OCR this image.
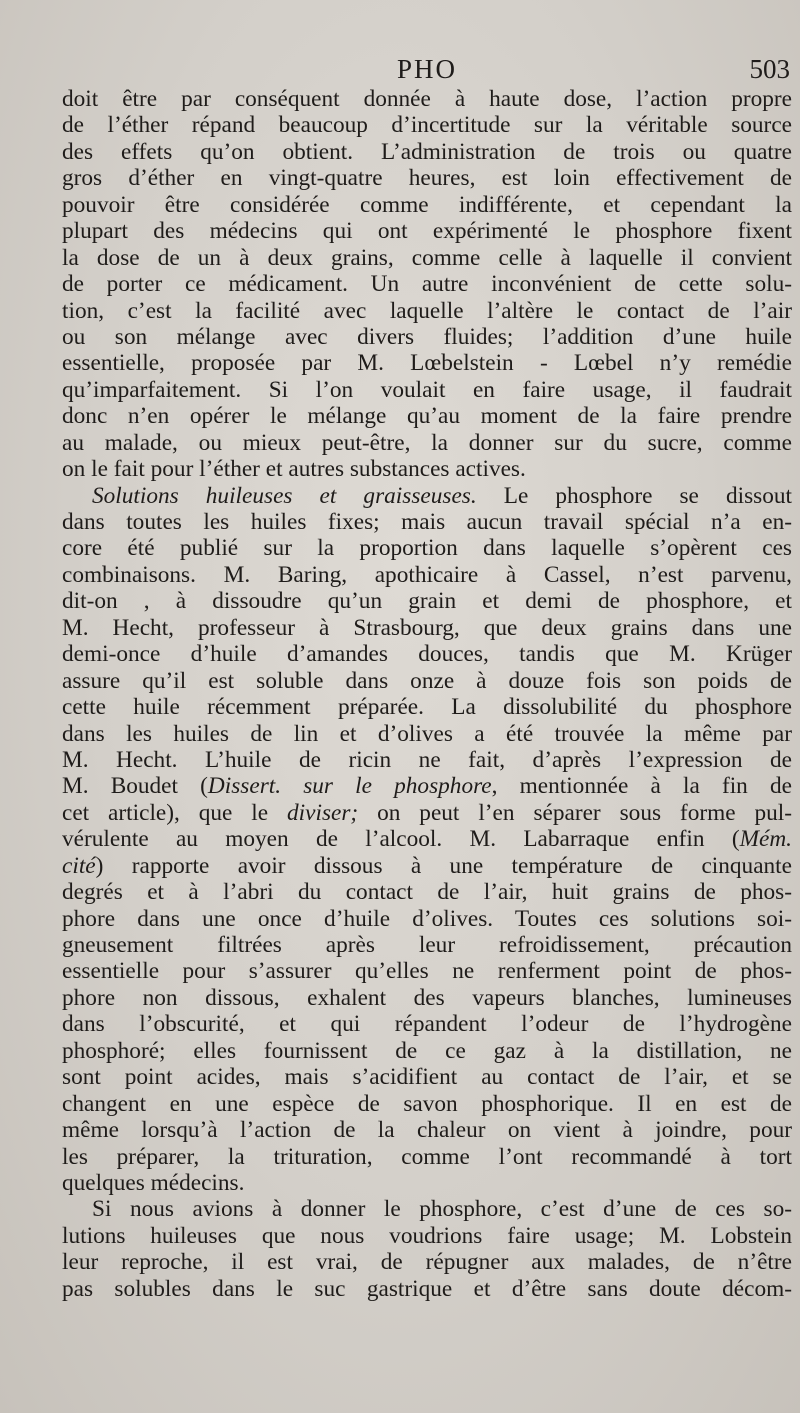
PHO	503
doit être par conséquent donnée à haute dose, l’action propre
de l’éther répand beaucoup d’incertitude sur la véritable source
des effets qu’on obtient. L’administration de trois ou quatre
gros d’éther en vingt-quatre heures, est loin effectivement de
pouvoir être considérée comme indifférente, et cependant la
plupart des médecins qui ont expérimenté le phosphore fixent
la dose de un à deux grains, comme celle à laquelle il convient
de porter ce médicament. Un autre inconvénient de cette solu-
tion, c’est la facilité avec laquelle l’altère le contact de l’air
ou son mélange avec divers fluides; l’addition d’une huile
essentielle, proposée par M. Lœbelstein - Lœbel n’y remédie
qu’imparfaitement. Si l’on voulait en faire usage, il faudrait
donc n’en opérer le mélange qu’au moment de la faire prendre
au malade, ou mieux peut-être, la donner sur du sucre, comme
on le fait pour l’éther et autres substances actives.
Solutions huileuses et graisseuses. Le phosphore se dissout
dans toutes les huiles fixes; mais aucun travail spécial n’a en-
core été publié sur la proportion dans laquelle s’opèrent ces
combinaisons. M. Baring, apothicaire à Cassel, n’est parvenu,
dit-on , à dissoudre qu’un grain et demi de phosphore, et
M. Hecht, professeur à Strasbourg, que deux grains dans une
demi-once d’huile d’amandes douces, tandis que M. Krüger
assure qu’il est soluble dans onze à douze fois son poids de
cette huile récemment préparée. La dissolubilité du phosphore
dans les huiles de lin et d’olives a été trouvée la même par
M. Hecht. L’huile de ricin ne fait, d’après l’expression de
M. Boudet (Dissert. sur le phosphore, mentionnée à la fin de
cet article), que le diviser; on peut l’en séparer sous forme pul-
vérulente au moyen de l’alcool. M. Labarraque enfin (Mém.
cité) rapporte avoir dissous à une température de cinquante
degrés et à l’abri du contact de l’air, huit grains de phos-
phore dans une once d’huile d’olives. Toutes ces solutions soi-
gneusement filtrées après leur refroidissement, précaution
essentielle pour s’assurer qu’elles ne renferment point de phos-
phore non dissous, exhalent des vapeurs blanches, lumineuses
dans l’obscurité, et qui répandent l’odeur de l’hydrogène
phosphoré; elles fournissent de ce gaz à la distillation, ne
sont point acides, mais s’acidifient au contact de l’air, et se
changent en une espèce de savon phosphorique. Il en est de
même lorsqu’à l’action de la chaleur on vient à joindre, pour
les préparer, la trituration, comme l’ont recommandé à tort
quelques médecins.
Si nous avions à donner le phosphore, c’est d’une de ces so-
lutions huileuses que nous voudrions faire usage; M. Lobstein
leur reproche, il est vrai, de répugner aux malades, de n’être
pas solubles dans le suc gastrique et d’être sans doute décom-
